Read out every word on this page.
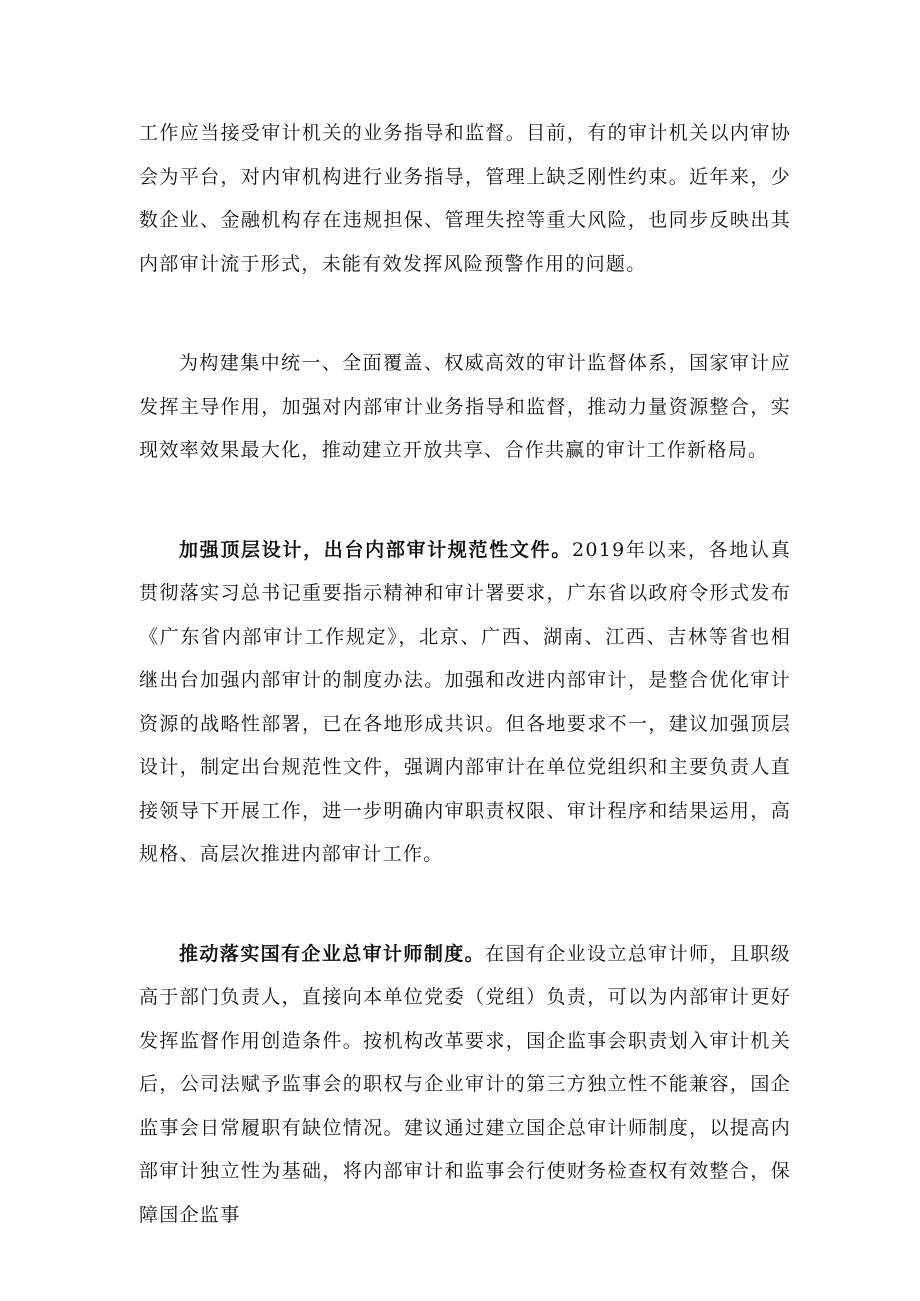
工作应当接受审计机关的业务指导和监督。目前，有的审计机关以内审协会为平台，对内审机构进行业务指导，管理上缺乏刚性约束。近年来，少数企业、金融机构存在违规担保、管理失控等重大风险，也同步反映出其内部审计流于形式，未能有效发挥风险预警作用的问题。

为构建集中统一、全面覆盖、权威高效的审计监督体系，国家审计应发挥主导作用，加强对内部审计业务指导和监督，推动力量资源整合，实现效率效果最大化，推动建立开放共享、合作共赢的审计工作新格局。

加强顶层设计，出台内部审计规范性文件。2019年以来，各地认真贯彻落实习总书记重要指示精神和审计署要求，广东省以政府令形式发布《广东省内部审计工作规定》，北京、广西、湖南、江西、吉林等省也相继出台加强内部审计的制度办法。加强和改进内部审计，是整合优化审计资源的战略性部署，已在各地形成共识。但各地要求不一，建议加强顶层设计，制定出台规范性文件，强调内部审计在单位党组织和主要负责人直接领导下开展工作，进一步明确内审职责权限、审计程序和结果运用，高规格、高层次推进内部审计工作。

推动落实国有企业总审计师制度。在国有企业设立总审计师，且职级高于部门负责人，直接向本单位党委（党组）负责，可以为内部审计更好发挥监督作用创造条件。按机构改革要求，国企监事会职责划入审计机关后，公司法赋予监事会的职权与企业审计的第三方独立性不能兼容，国企监事会日常履职有缺位情况。建议通过建立国企总审计师制度，以提高内部审计独立性为基础，将内部审计和监事会行使财务检查权有效整合，保障国企监事
